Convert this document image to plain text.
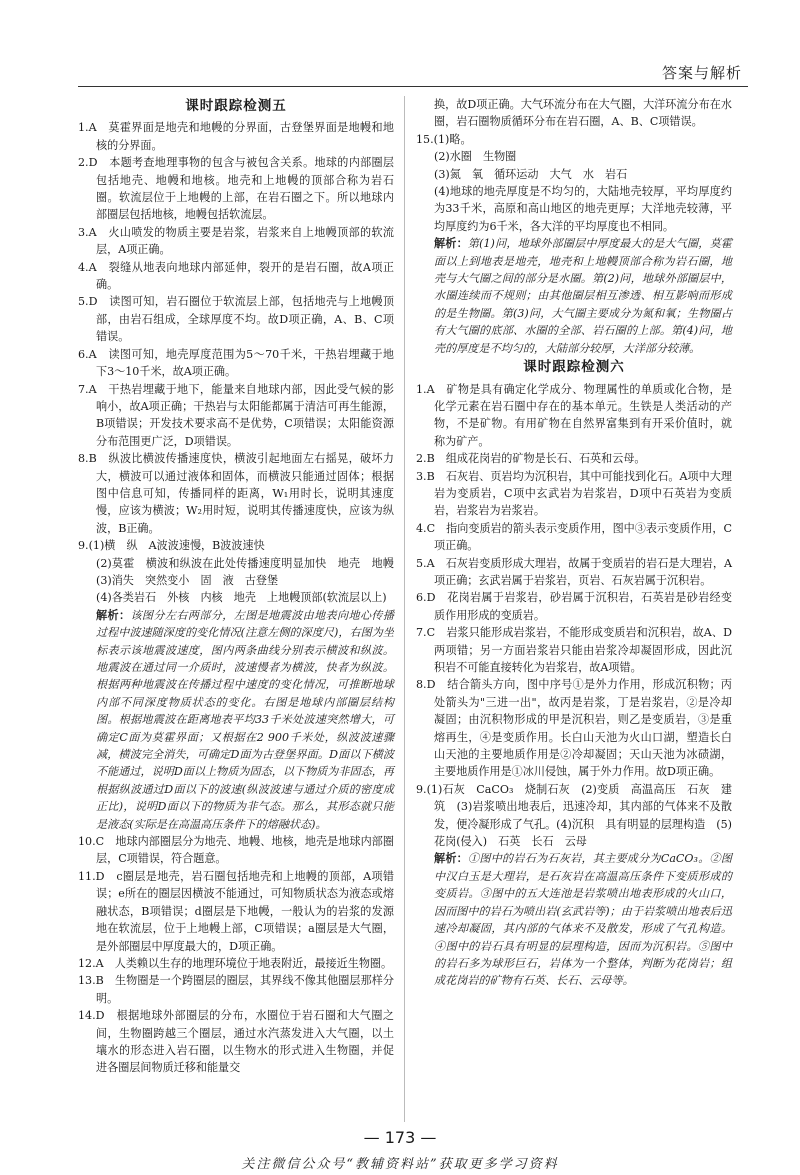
答案与解析
课时跟踪检测五

1.A　莫霍界面是地壳和地幔的分界面，古登堡界面是地幔和地核的分界面。

2.D　本题考查地理事物的包含与被包含关系。地球的内部圈层包括地壳、地幔和地核。地壳和上地幔的顶部合称为岩石圈。软流层位于上地幔的上部，在岩石圈之下。所以地球内部圈层包括地核，地幔包括软流层。

3.A　火山喷发的物质主要是岩浆，岩浆来自上地幔顶部的软流层，A项正确。

4.A　裂缝从地表向地球内部延伸，裂开的是岩石圈，故A项正确。

5.D　读图可知，岩石圈位于软流层上部，包括地壳与上地幔顶部，由岩石组成，全球厚度不均。故D项正确，A、B、C项错误。

6.A　读图可知，地壳厚度范围为5～70千米，干热岩埋藏于地下3～10千米，故A项正确。

7.A　干热岩埋藏于地下，能量来自地球内部，因此受气候的影响小，故A项正确；干热岩与太阳能都属于清洁可再生能源，B项错误；开发技术要求高不是优势，C项错误；太阳能资源分布范围更广泛，D项错误。

8.B　纵波比横波传播速度快，横波引起地面左右摇晃，破坏力大，横波可以通过液体和固体，而横波只能通过固体；根据图中信息可知，传播同样的距离，W₁用时长，说明其速度慢，应该为横波；W₂用时短，说明其传播速度快，应该为纵波，B正确。

9.(1)横　纵　A波波速慢，B波波速快

(2)莫霍　横波和纵波在此处传播速度明显加快　地壳　地幔　(3)消失　突然变小　固　液　古登堡

(4)各类岩石　外核　内核　地壳　上地幔顶部(软流层以上)

解析：该图分左右两部分，左图是地震波由地表向地心传播过程中波速随深度的变化情况(注意左侧的深度尺)，右图为坐标表示该地震波速度，图内两条曲线分别表示横波和纵波。地震波在通过同一介质时，波速慢者为横波，快者为纵波。根据两种地震波在传播过程中速度的变化情况，可推断地球内部不同深度物质状态的变化。右图是地球内部圈层结构图。根据地震波在距离地表平均33千米处波速突然增大，可确定C面为莫霍界面；又根据在2 900千米处，纵波波速骤减，横波完全消失，可确定D面为古登堡界面。D面以下横波不能通过，说明D面以上物质为固态，以下物质为非固态，再根据纵波通过D面以下的波速(纵波波速与通过介质的密度成正比)，说明D面以下的物质为非气态。那么，其形态就只能是液态(实际是在高温高压条件下的熔融状态)。

10.C　地球内部圈层分为地壳、地幔、地核，地壳是地球内部圈层，C项错误，符合题意。

11.D　c圈层是地壳，岩石圈包括地壳和上地幔的顶部，A项错误；e所在的圈层因横波不能通过，可知物质状态为液态或熔融状态，B项错误；d圈层是下地幔，一般认为的岩浆的发源地在软流层，位于上地幔上部，C项错误；a圈层是大气圈，是外部圈层中厚度最大的，D项正确。

12.A　人类赖以生存的地理环境位于地表附近，最接近生物圈。

13.B　生物圈是一个跨圈层的圈层，其界线不像其他圈层那样分明。

14.D　根据地球外部圈层的分布，水圈位于岩石圈和大气圈之间，生物圈跨越三个圈层，通过水汽蒸发进入大气圈，以土壤水的形态进入岩石圈，以生物水的形式进入生物圈，并促进各圈层间物质迁移和能量交

换，故D项正确。大气环流分布在大气圈，大洋环流分布在水圈，岩石圈物质循环分布在岩石圈，A、B、C项错误。

15.(1)略。

(2)水圈　生物圈

(3)氮　氧　循环运动　大气　水　岩石

(4)地球的地壳厚度是不均匀的，大陆地壳较厚，平均厚度约为33千米，高原和高山地区的地壳更厚；大洋地壳较薄，平均厚度约为6千米，各大洋的平均厚度也不相同。

解析：第(1)问，地球外部圈层中厚度最大的是大气圈，莫霍面以上到地表是地壳，地壳和上地幔顶部合称为岩石圈，地壳与大气圈之间的部分是水圈。第(2)问，地球外部圈层中，水圈连续而不规则；由其他圈层相互渗透、相互影响而形成的是生物圈。第(3)问，大气圈主要成分为氮和氧；生物圈占有大气圈的底部、水圈的全部、岩石圈的上部。第(4)问，地壳的厚度是不均匀的，大陆部分较厚，大洋部分较薄。

课时跟踪检测六

1.A　矿物是具有确定化学成分、物理属性的单质或化合物，是化学元素在岩石圈中存在的基本单元。生铁是人类活动的产物，不是矿物。有用矿物在自然界富集到有开采价值时，就称为矿产。

2.B　组成花岗岩的矿物是长石、石英和云母。

3.B　石灰岩、页岩均为沉积岩，其中可能找到化石。A项中大理岩为变质岩，C项中玄武岩为岩浆岩，D项中石英岩为变质岩，岩浆岩为岩浆岩。

4.C　指向变质岩的箭头表示变质作用，图中③表示变质作用，C项正确。

5.A　石灰岩变质形成大理岩，故属于变质岩的岩石是大理岩，A项正确；玄武岩属于岩浆岩，页岩、石灰岩属于沉积岩。

6.D　花岗岩属于岩浆岩，砂岩属于沉积岩，石英岩是砂岩经变质作用形成的变质岩。

7.C　岩浆只能形成岩浆岩，不能形成变质岩和沉积岩，故A、D两项错；另一方面岩浆岩只能由岩浆冷却凝固形成，因此沉积岩不可能直接转化为岩浆岩，故A项错。

8.D　结合箭头方向，图中序号①是外力作用，形成沉积物；丙处箭头为"三进一出"，故丙是岩浆，丁是岩浆岩，②是冷却凝固；由沉积物形成的甲是沉积岩，则乙是变质岩，③是重熔再生，④是变质作用。长白山天池为火山口湖，塑造长白山天池的主要地质作用是②冷却凝固；天山天池为冰碛湖，主要地质作用是①冰川侵蚀，属于外力作用。故D项正确。

9.(1)石灰　CaCO₃　烧制石灰　(2)变质　高温高压　石灰　建筑　(3)岩浆喷出地表后，迅速冷却，其内部的气体来不及散发，便冷凝形成了气孔。(4)沉积　具有明显的层理构造　(5)花岗(侵入)　石英　长石　云母

解析：①图中的岩石为石灰岩，其主要成分为CaCO₃。②图中汉白玉是大理岩，是石灰岩在高温高压条件下变质形成的变质岩。③图中的五大连池是岩浆喷出地表形成的火山口，因而图中的岩石为喷出岩(玄武岩等)；由于岩浆喷出地表后迅速冷却凝固，其内部的气体来不及散发，形成了气孔构造。④图中的岩石具有明显的层理构造，因而为沉积岩。⑤图中的岩石多为球形巨石，岩体为一个整体，判断为花岗岩；组成花岗岩的矿物有石英、长石、云母等。

— 173 —
关注微信公众号“教辅资料站”获取更多学习资料
